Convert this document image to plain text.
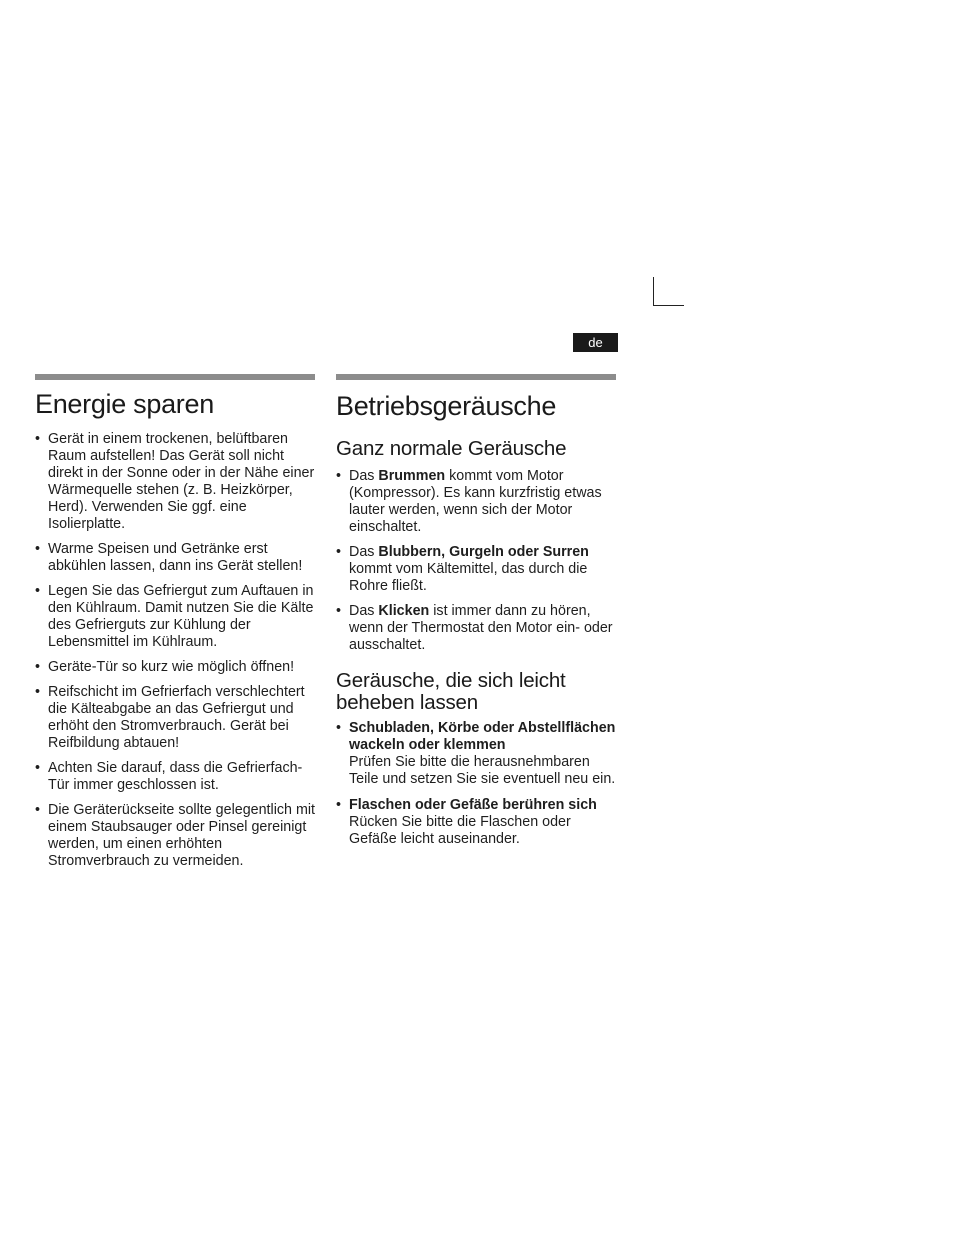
de
Energie sparen
• Gerät in einem trockenen, belüftbaren Raum aufstellen! Das Gerät soll nicht direkt in der Sonne oder in der Nähe einer Wärmequelle stehen (z. B. Heizkörper, Herd). Verwenden Sie ggf. eine Isolierplatte.
• Warme Speisen und Getränke erst abkühlen lassen, dann ins Gerät stellen!
• Legen Sie das Gefriergut zum Auftauen in den Kühlraum. Damit nutzen Sie die Kälte des Gefrierguts zur Kühlung der Lebensmittel im Kühlraum.
• Geräte-Tür so kurz wie möglich öffnen!
• Reifschicht im Gefrierfach verschlechtert die Kälteabgabe an das Gefriergut und erhöht den Stromverbrauch. Gerät bei Reifbildung abtauen!
• Achten Sie darauf, dass die Gefrierfach-Tür immer geschlossen ist.
• Die Geräterückseite sollte gelegentlich mit einem Staubsauger oder Pinsel gereinigt werden, um einen erhöhten Stromverbrauch zu vermeiden.
Betriebsgeräusche
Ganz normale Geräusche
• Das Brummen kommt vom Motor (Kompressor). Es kann kurzfristig etwas lauter werden, wenn sich der Motor einschaltet.
• Das Blubbern, Gurgeln oder Surren kommt vom Kältemittel, das durch die Rohre fließt.
• Das Klicken ist immer dann zu hören, wenn der Thermostat den Motor ein- oder ausschaltet.
Geräusche, die sich leicht beheben lassen
• Schubladen, Körbe oder Abstellflächen wackeln oder klemmen
Prüfen Sie bitte die herausnehmbaren Teile und setzen Sie sie eventuell neu ein.
• Flaschen oder Gefäße berühren sich
Rücken Sie bitte die Flaschen oder Gefäße leicht auseinander.
